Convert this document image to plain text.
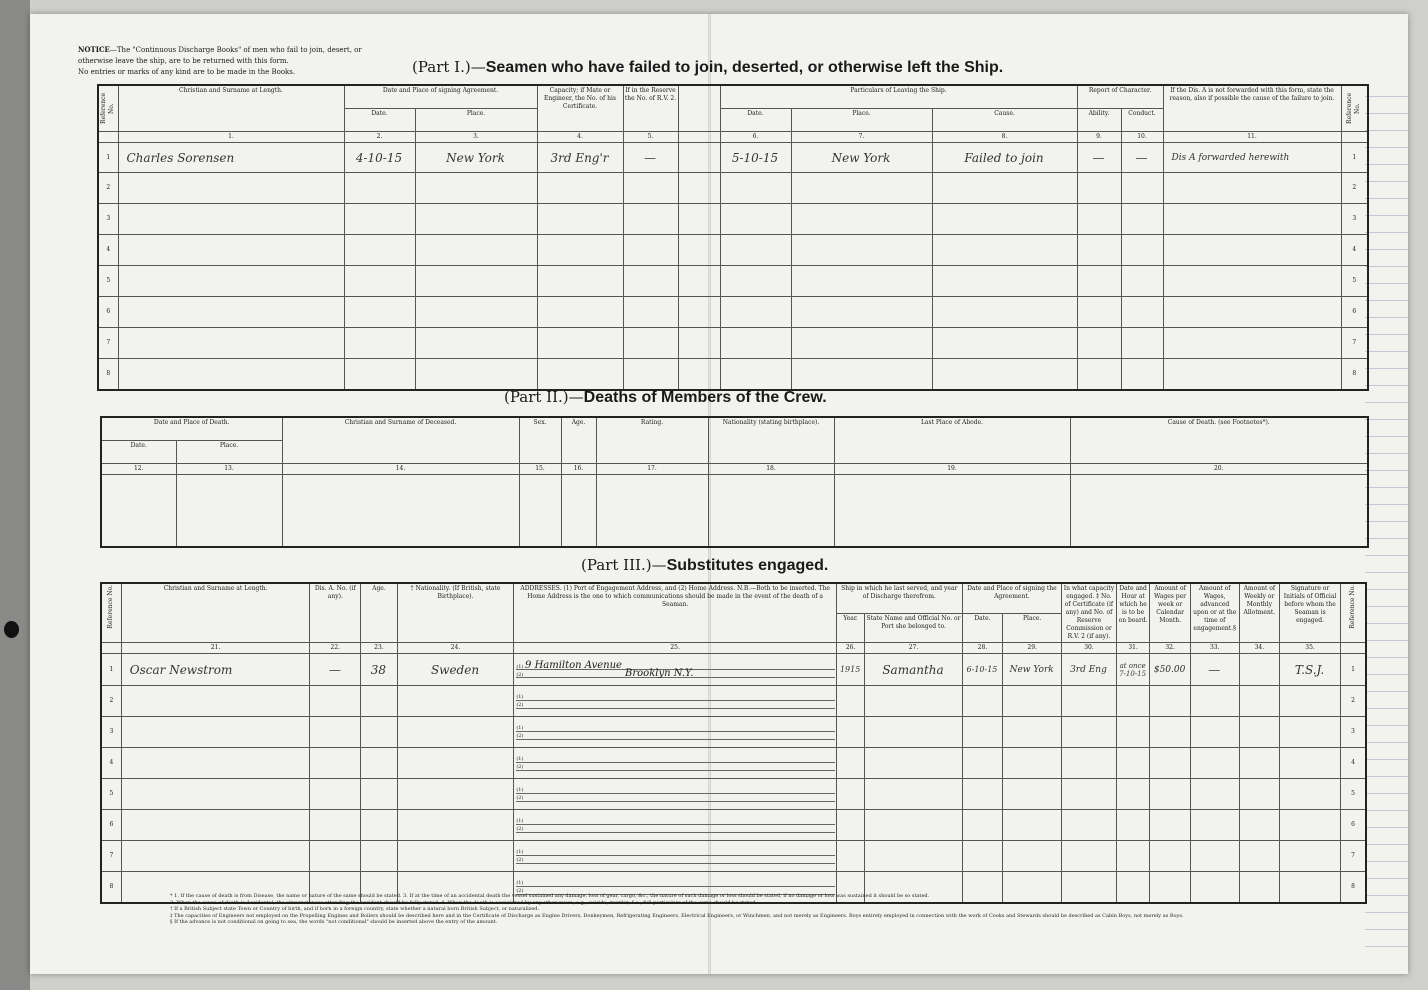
NOTICE—The "Continuous Discharge Books" of men who fail to join, desert, or otherwise leave the ship, are to be returned with this form.
No entries or marks of any kind are to be made in the Books.	(Part I.)—Seamen who have failed to join, deserted, or otherwise left the Ship.
Reference No.	Christian and Surname at Length.	Date and Place of signing Agreement.		Capacity; if Mate or Engineer, the No. of his Certificate.	If in the Reserve the No. of R.V. 2.		Particulars of Leaving the Ship.			Report of Character.		If the Dis. A is not forwarded with this form, state the reason, also if possible the cause of the failure to join.	Reference No.
		Date.	Place.				Date.	Place.	Cause.	Ability.	Conduct.		
	1.	2.	3.	4.	5.		6.	7.	8.	9.	10.	11.	
1	Charles Sorensen	4-10-15	New York	3rd Eng'r	—		5-10-15	New York	Failed to join	—	—	Dis A forwarded herewith	1
2													2
3													3
4													4
5													5
6													6
7													7
8													8
(Part II.)—Deaths of Members of the Crew.
Date and Place of Death.		Christian and Surname of Deceased.	Sex.	Age.	Rating.	Nationality (stating birthplace).	Last Place of Abode.	Cause of Death. (see Footnotes*).
Date.	Place.							
12.	13.	14.	15.	16.	17.	18.	19.	20.

(Part III.)—Substitutes engaged.
Reference No.	Christian and Surname at Length.	Dis. A. No. (if any).	Age.	† Nationality. (If British, state Birthplace).	ADDRESSES. (1) Port of Engagement Address, and (2) Home Address. N.B.—Both to be inserted. The Home Address is the one to which communications should be made in the event of the death of a Seaman.	Ship in which he last served, and year of Discharge therefrom.		Date and Place of signing the Agreement.		In what capacity engaged. ‡ No. of Certificate (if any) and No. of Reserve Commission or R.V. 2 (if any).	Date and Hour at which he is to be on board.	Amount of Wages per week or Calendar Month.	Amount of Wages, advanced upon or at the time of engagement.§	Amount of Weekly or Monthly Allotment.	Signature or Initials of Official before whom the Seaman is engaged.	Reference No.
						Year.	State Name and Official No. or Port she belonged to.	Date.	Place.							
	21.	22.	23.	24.	25.	26.	27.	28.	29.	30.	31.	32.	33.	34.	35.	
1	Oscar Newstrom	—	38	Sweden	(1) 9 Hamilton Avenue
(2) Brooklyn N.Y.	1915	Samantha	6-10-15	New York	3rd Eng	at once 7-10-15	$50.00	—		T.S.J.	1
2					(1)
(2)											2
3					(1)
(2)											3
4					(1)
(2)											4
5					(1)
(2)											5
6					(1)
(2)											6
7					(1)
(2)											7
8					(1)
(2)											8
* 1. If the cause of death is from Disease, the name or nature of the same should be stated. 3. If at the time of an accidental death the vessel sustained any damage, loss of gear, cargo, &c., the nature of such damage or loss should be stated, if no damage or loss was sustained it should be so stated.
2. When the cause of death is Accidental, the circumstances attending the accident should be fully stated. 4. When the death is occasioned by any other cause, e.g., suicide, murder, &c., full particulars of the same should be stated.
† If a British Subject state Town or Country of birth, and if born in a foreign country, state whether a natural born British Subject, or naturalized.
‡ The capacities of Engineers not employed on the Propelling Engines and Boilers should be described here and in the Certificate of Discharge as Engine Drivers, Donkeymen, Refrigerating Engineers, Electrical Engineers, or Winchmen, and not merely as Engineers. Boys entirely employed in connection with the work of Cooks and Stewards should be described as Cabin Boys, not merely as Boys.
§ If the advance is not conditional on going to sea, the words "not conditional" should be inserted above the entry of the amount.
